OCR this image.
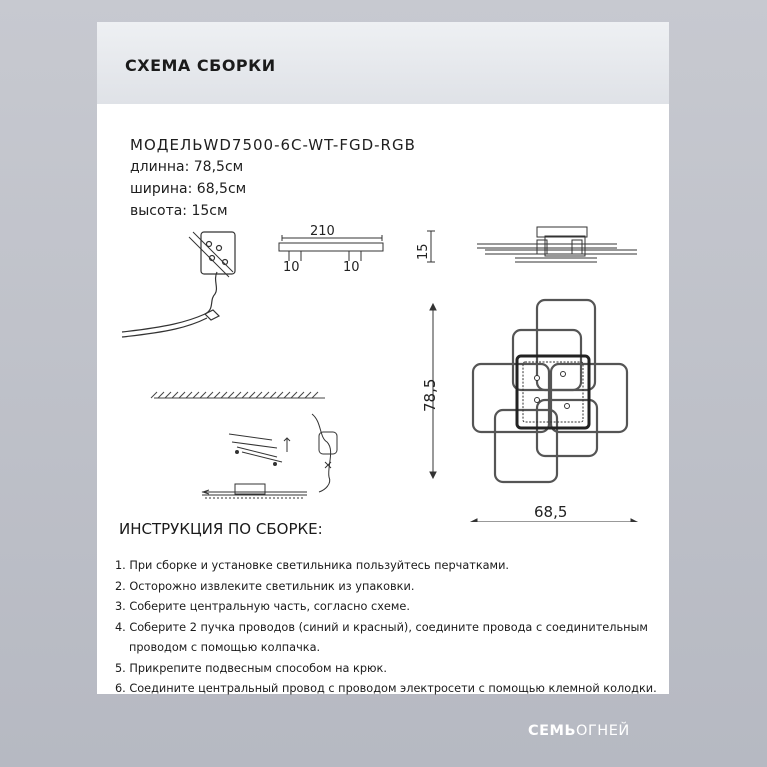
СХЕМА СБОРКИ
МОДЕЛЬWD7500-6C-WT-FGD-RGB
длинна: 78,5см
ширина: 68,5см
высота: 15см
210
10	10
15
78,5
68,5
ИНСТРУКЦИЯ ПО СБОРКЕ:
1. При сборке и установке светильника пользуйтесь перчатками.
2. Осторожно извлеките светильник из упаковки.
3. Соберите центральную часть, согласно схеме.
4. Соберите 2 пучка проводов (синий и красный), соедините провода с соединительным
проводом с помощью колпачка.
5. Прикрепите подвесным способом на крюк.
6. Соедините центральный провод с проводом электросети с помощью клемной колодки.
СЕМЬОГНЕЙ
